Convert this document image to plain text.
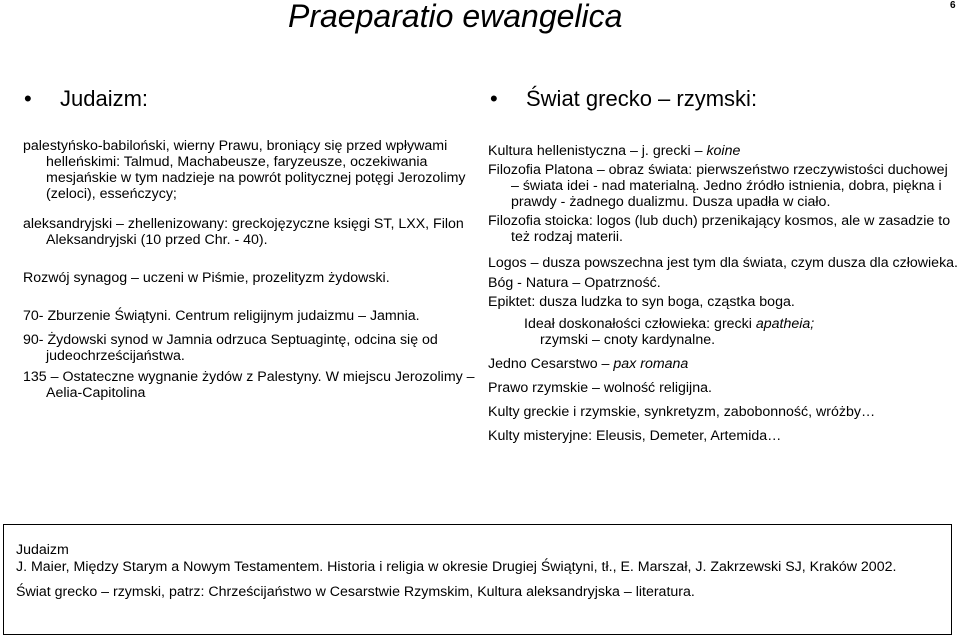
Praeparatio ewangelica	6
• Judaizm:	• Świat grecko – rzymski:

palestyńsko-babiloński, wierny Prawu, broniący się przed wpływami helleńskimi: Talmud, Machabeusze, faryzeusze, oczekiwania mesjańskie w tym nadzieje na powrót politycznej potęgi Jerozolimy (zeloci), esseńczycy;

aleksandryjski – zhellenizowany: greckojęzyczne księgi ST, LXX, Filon Aleksandryjski (10 przed Chr. - 40).

Rozwój synagog – uczeni w Piśmie, prozelityzm żydowski.

70- Zburzenie Świątyni. Centrum religijnym judaizmu – Jamnia.

90- Żydowski synod w Jamnia odrzuca Septuagintę, odcina się od judeochrześcijaństwa.

135 – Ostateczne wygnanie żydów z Palestyny. W miejscu Jerozolimy – Aelia-Capitolina

Kultura hellenistyczna – j. grecki – koine

Filozofia Platona – obraz świata: pierwszeństwo rzeczywistości duchowej – świata idei - nad materialną. Jedno źródło istnienia, dobra, piękna i prawdy - żadnego dualizmu. Dusza upadła w ciało.

Filozofia stoicka: logos (lub duch) przenikający kosmos, ale w zasadzie to też rodzaj materii.

Logos – dusza powszechna jest tym dla świata, czym dusza dla człowieka.

Bóg - Natura – Opatrzność.

Epiktet: dusza ludzka to syn boga, cząstka boga.

Ideał doskonałości człowieka: grecki apatheia;
rzymski – cnoty kardynalne.

Jedno Cesarstwo – pax romana

Prawo rzymskie – wolność religijna.

Kulty greckie i rzymskie, synkretyzm, zabobonność, wróżby…

Kulty misteryjne: Eleusis, Demeter, Artemida…

Judaizm

J. Maier, Między Starym a Nowym Testamentem. Historia i religia w okresie Drugiej Świątyni, tł., E. Marszał, J. Zakrzewski SJ, Kraków 2002.

Świat grecko – rzymski, patrz: Chrześcijaństwo w Cesarstwie Rzymskim, Kultura aleksandryjska – literatura.
